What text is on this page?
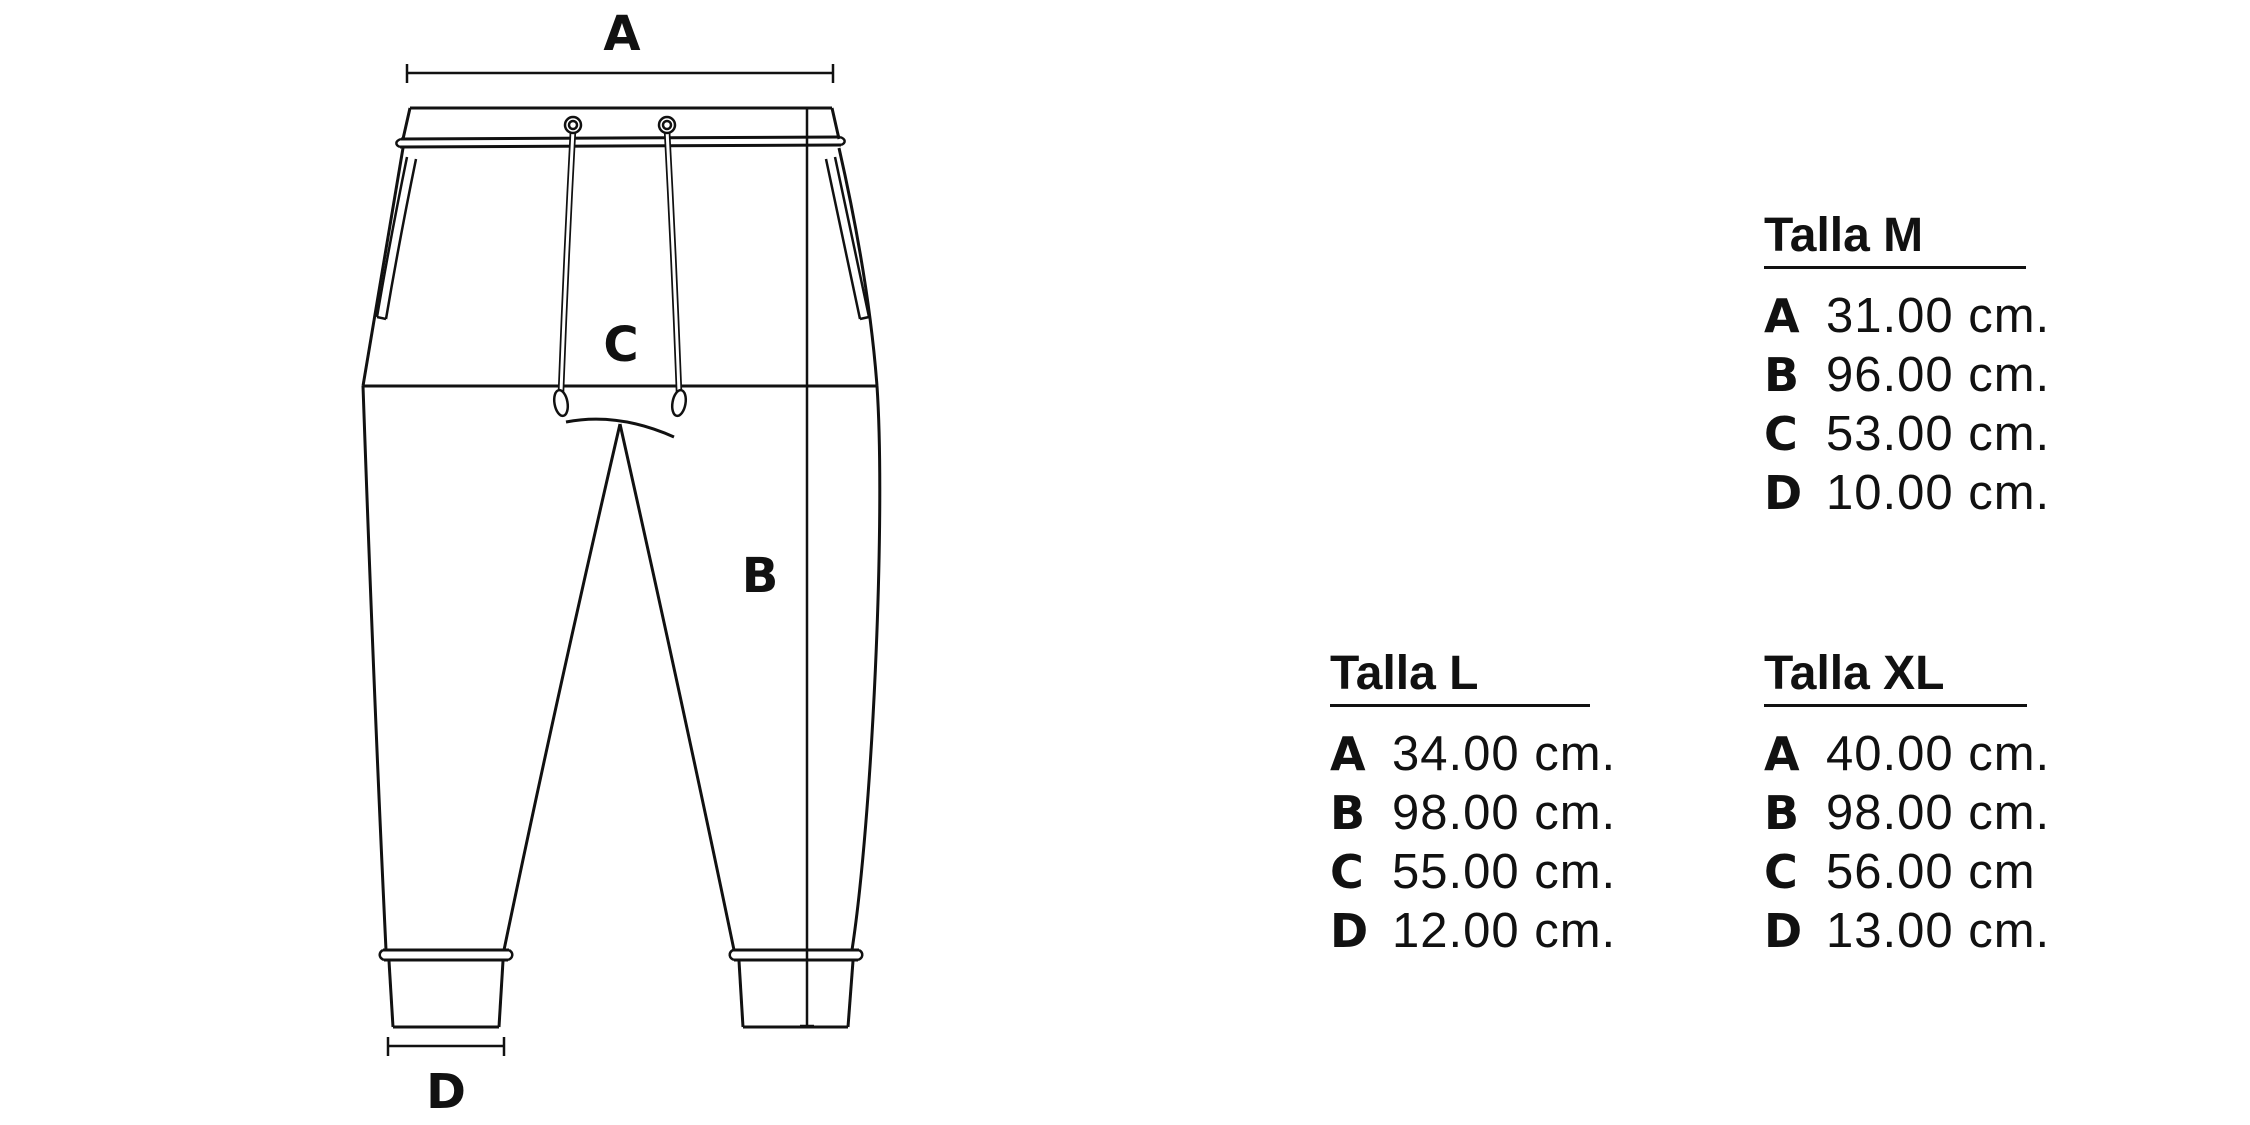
A
B
C
D
Talla M
A 31.00 cm.
B 96.00 cm.
C 53.00 cm.
D 10.00 cm.
Talla L
A 34.00 cm.
B 98.00 cm.
C 55.00 cm.
D 12.00 cm.
Talla XL
A 40.00 cm.
B 98.00 cm.
C 56.00 cm
D 13.00 cm.
